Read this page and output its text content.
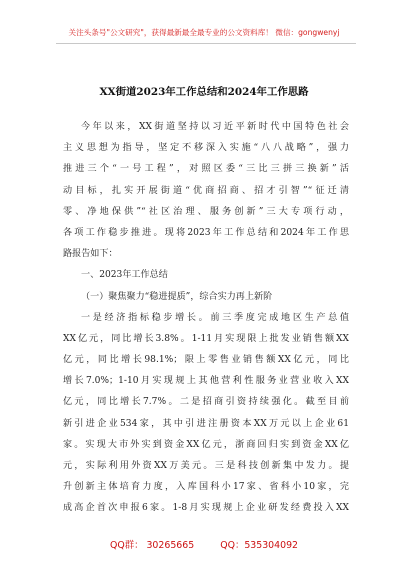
关注头条号"公文研究"，获得最新最全最专业的公文资料库！ 微信：gongwenyj
XX街道2023年工作总结和2024年工作思路
今年以来，XX街道坚持以习近平新时代中国特色社会
主义思想为指导，坚定不移深入实施“八八战略”，强力
推进三个“一号工程”，对照区委“三比三拼三换新”活
动目标，扎实开展街道“优商招商、招才引智”“征迁清
零、净地保供”“社区治理、服务创新”三大专项行动，
各项工作稳步推进。现将2023年工作总结和2024年工作思
路报告如下：
一、2023年工作总结
（一）聚焦聚力“稳进提质”，综合实力再上新阶
一是经济指标稳步增长。前三季度完成地区生产总值
XX亿元，同比增长3.8%。1-11月实现限上批发业销售额XX
亿元，同比增长98.1%；限上零售业销售额XX亿元，同比
增长7.0%；1-10月实现规上其他营利性服务业营业收入XX
亿元，同比增长7.7%。二是招商引资持续强化。截至目前
新引进企业534家，其中引进注册资本XX万元以上企业61
家。实现大市外实到资金XX亿元，浙商回归实到资金XX亿
元，实际利用外资XX万美元。三是科技创新集中发力。提
升创新主体培育力度，入库国科小17家、省科小10家，完
成高企首次申报6家。1-8月实现规上企业研发经费投入XX
QQ群： 30265665	QQ：535304092
